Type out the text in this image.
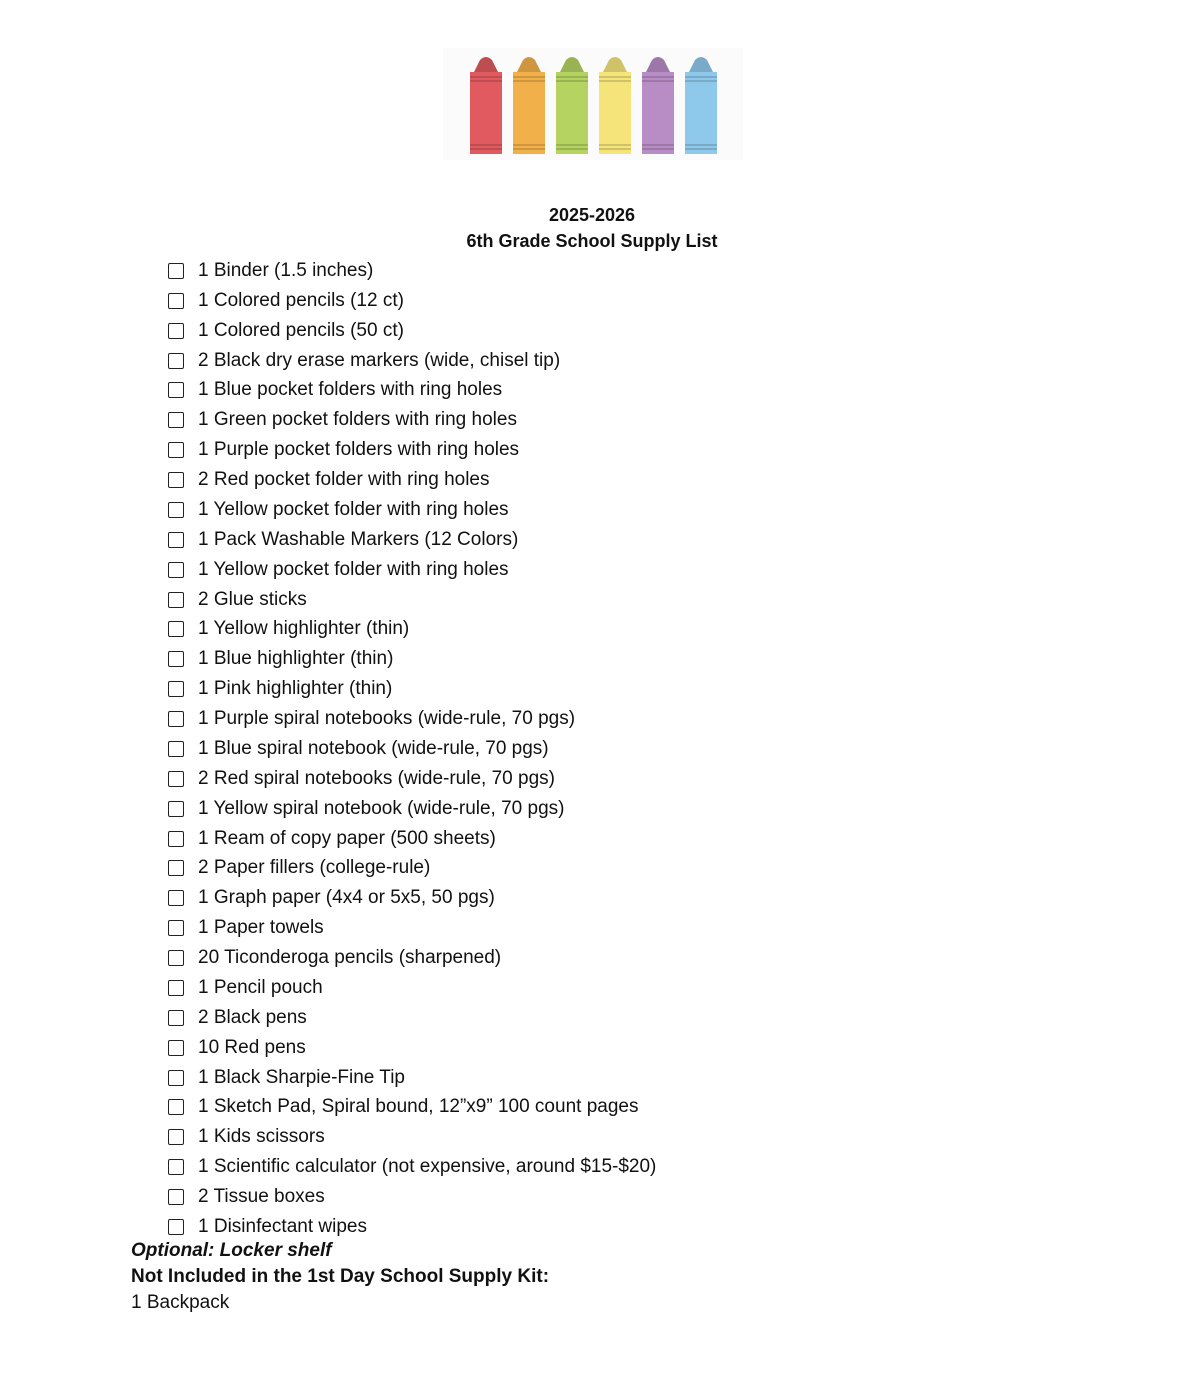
2025-2026
6th Grade School Supply List
1 Binder (1.5 inches)
1 Colored pencils (12 ct)
1 Colored pencils (50 ct)
2 Black dry erase markers (wide, chisel tip)
1 Blue pocket folders with ring holes
1 Green pocket folders with ring holes
1 Purple pocket folders with ring holes
2 Red pocket folder with ring holes
1 Yellow pocket folder with ring holes
1 Pack Washable Markers (12 Colors)
1 Yellow pocket folder with ring holes
2 Glue sticks
1 Yellow highlighter (thin)
1 Blue highlighter (thin)
1 Pink highlighter (thin)
1 Purple spiral notebooks (wide-rule, 70 pgs)
1 Blue spiral notebook (wide-rule, 70 pgs)
2 Red spiral notebooks (wide-rule, 70 pgs)
1 Yellow spiral notebook (wide-rule, 70 pgs)
1 Ream of copy paper (500 sheets)
2 Paper fillers (college-rule)
1 Graph paper (4x4 or 5x5, 50 pgs)
1 Paper towels
20 Ticonderoga pencils (sharpened)
1 Pencil pouch
2 Black pens
10 Red pens
1 Black Sharpie-Fine Tip
1 Sketch Pad, Spiral bound, 12”x9” 100 count pages
1 Kids scissors
1 Scientific calculator (not expensive, around $15-$20)
2 Tissue boxes
1 Disinfectant wipes
Optional: Locker shelf
Not Included in the 1st Day School Supply Kit:
1 Backpack
